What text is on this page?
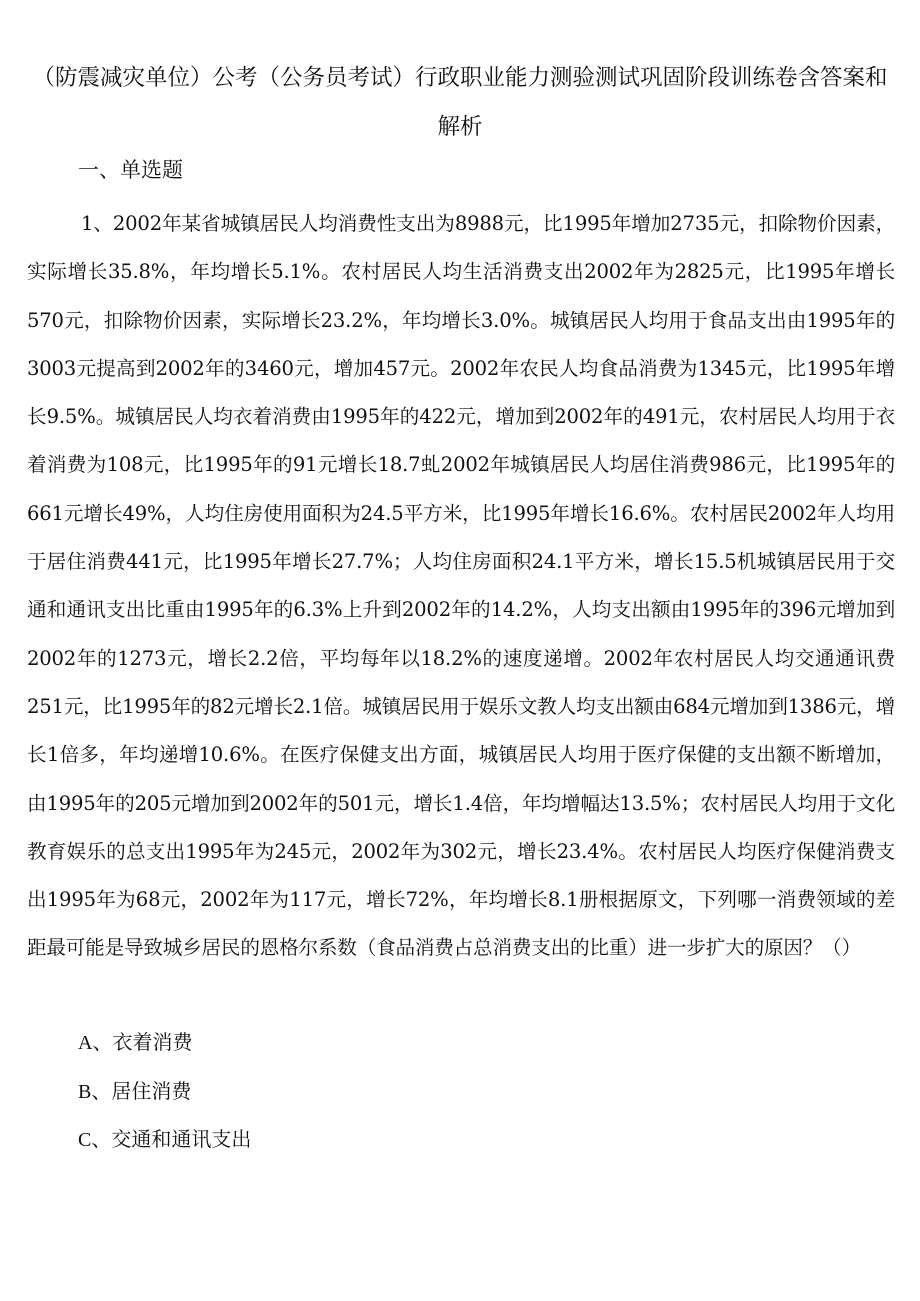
（防震减灾单位）公考（公务员考试）行政职业能力测验测试巩固阶段训练卷含答案和解析
一、单选题

1、2002年某省城镇居民人均消费性支出为8988元，比1995年增加2735元，扣除物价因素，实际增长35.8%，年均增长5.1%。农村居民人均生活消费支出2002年为2825元，比1995年增长570元，扣除物价因素，实际增长23.2%，年均增长3.0%。城镇居民人均用于食品支出由1995年的3003元提高到2002年的3460元，增加457元。2002年农民人均食品消费为1345元，比1995年增长9.5%。城镇居民人均衣着消费由1995年的422元，增加到2002年的491元，农村居民人均用于衣着消费为108元，比1995年的91元增长18.7虬2002年城镇居民人均居住消费986元，比1995年的661元增长49%，人均住房使用面积为24.5平方米，比1995年增长16.6%。农村居民2002年人均用于居住消费441元，比1995年增长27.7%；人均住房面积24.1平方米，增长15.5机城镇居民用于交通和通讯支出比重由1995年的6.3%上升到2002年的14.2%，人均支出额由1995年的396元增加到2002年的1273元，增长2.2倍，平均每年以18.2%的速度递增。2002年农村居民人均交通通讯费251元，比1995年的82元增长2.1倍。城镇居民用于娱乐文教人均支出额由684元增加到1386元，增长1倍多，年均递增10.6%。在医疗保健支出方面，城镇居民人均用于医疗保健的支出额不断增加，由1995年的205元增加到2002年的501元，增长1.4倍，年均增幅达13.5%；农村居民人均用于文化教育娱乐的总支出1995年为245元，2002年为302元，增长23.4%。农村居民人均医疗保健消费支出1995年为68元，2002年为117元，增长72%，年均增长8.1册根据原文，下列哪一消费领域的差距最可能是导致城乡居民的恩格尔系数（食品消费占总消费支出的比重）进一步扩大的原因？（）

A、衣着消费
B、居住消费
C、交通和通讯支出
